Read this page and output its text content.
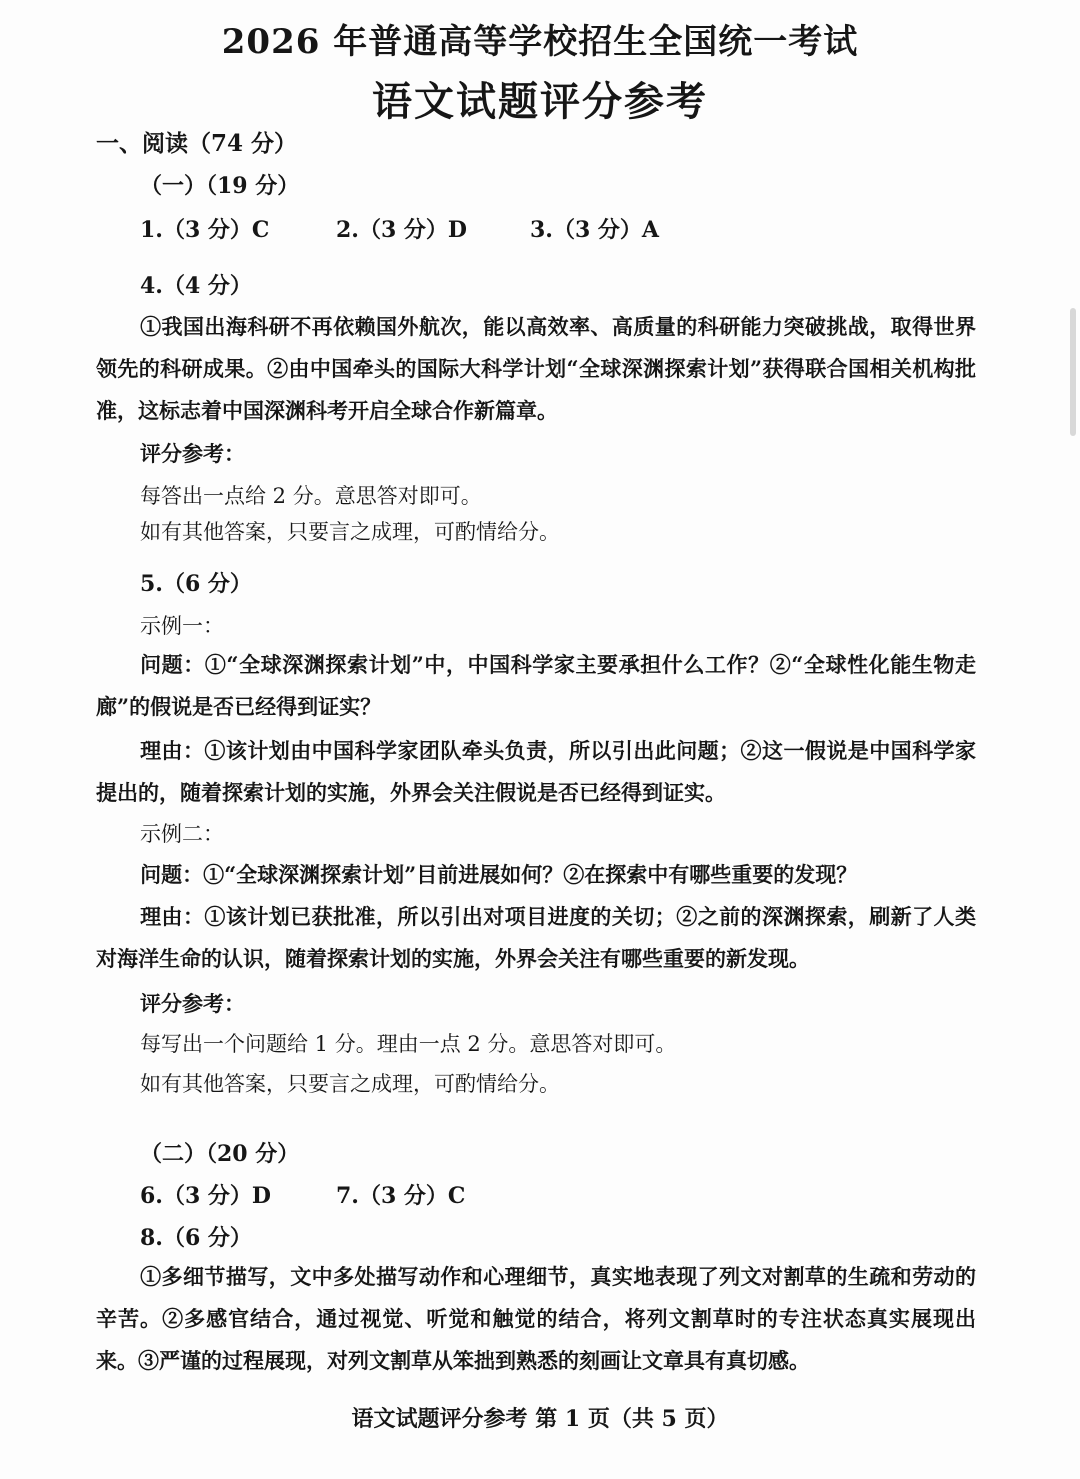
2026 年普通高等学校招生全国统一考试
语文试题评分参考
一、阅读（74 分）
（一）（19 分）
1.（3 分）C	2.（3 分）D	3.（3 分）A
4.（4 分）
①我国出海科研不再依赖国外航次，能以高效率、高质量的科研能力突破挑战，取得世界领先的科研成果。②由中国牵头的国际大科学计划“全球深渊探索计划”获得联合国相关机构批准，这标志着中国深渊科考开启全球合作新篇章。
评分参考：
每答出一点给 2 分。意思答对即可。
如有其他答案，只要言之成理，可酌情给分。
5.（6 分）
示例一：
问题：①“全球深渊探索计划”中，中国科学家主要承担什么工作？②“全球性化能生物走廊”的假说是否已经得到证实？
理由：①该计划由中国科学家团队牵头负责，所以引出此问题；②这一假说是中国科学家提出的，随着探索计划的实施，外界会关注假说是否已经得到证实。
示例二：
问题：①“全球深渊探索计划”目前进展如何？②在探索中有哪些重要的发现？
理由：①该计划已获批准，所以引出对项目进度的关切；②之前的深渊探索，刷新了人类对海洋生命的认识，随着探索计划的实施，外界会关注有哪些重要的新发现。
评分参考：
每写出一个问题给 1 分。理由一点 2 分。意思答对即可。
如有其他答案，只要言之成理，可酌情给分。
（二）（20 分）
6.（3 分）D	7.（3 分）C
8.（6 分）
①多细节描写，文中多处描写动作和心理细节，真实地表现了列文对割草的生疏和劳动的辛苦。②多感官结合，通过视觉、听觉和触觉的结合，将列文割草时的专注状态真实展现出来。③严谨的过程展现，对列文割草从笨拙到熟悉的刻画让文章具有真切感。
语文试题评分参考 第 1 页（共 5 页）
